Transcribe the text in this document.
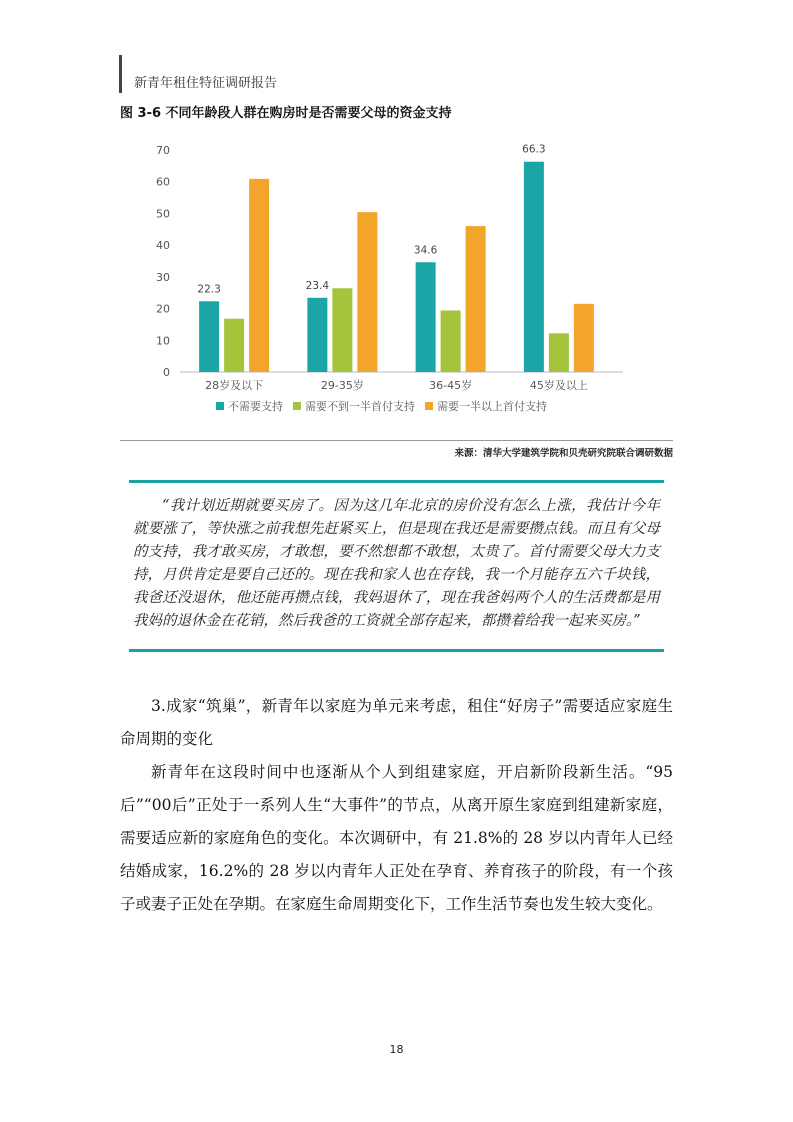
新青年租住特征调研报告
图 3-6 不同年龄段人群在购房时是否需要父母的资金支持
0
10
20
30
40
50
60
70
22.3
28岁及以下
23.4
29-35岁
34.6
36-45岁
66.3
45岁及以上
不需要支持 需要不到一半首付支持 需要一半以上首付支持
来源：清华大学建筑学院和贝壳研究院联合调研数据
“我计划近期就要买房了。因为这几年北京的房价没有怎么上涨，我估计今年就要涨了，等快涨之前我想先赶紧买上，但是现在我还是需要攒点钱。而且有父母的支持，我才敢买房，才敢想，要不然想都不敢想，太贵了。首付需要父母大力支持，月供肯定是要自己还的。现在我和家人也在存钱，我一个月能存五六千块钱，我爸还没退休，他还能再攒点钱，我妈退休了，现在我爸妈两个人的生活费都是用我妈的退休金在花销，然后我爸的工资就全部存起来，都攒着给我一起来买房。”

3.成家“筑巢”，新青年以家庭为单元来考虑，租住“好房子”需要适应家庭生命周期的变化

新青年在这段时间中也逐渐从个人到组建家庭，开启新阶段新生活。“95后”“00后”正处于一系列人生“大事件”的节点，从离开原生家庭到组建新家庭，需要适应新的家庭角色的变化。本次调研中，有 21.8%的 28 岁以内青年人已经结婚成家，16.2%的 28 岁以内青年人正处在孕育、养育孩子的阶段，有一个孩子或妻子正处在孕期。在家庭生命周期变化下，工作生活节奏也发生较大变化。

18
